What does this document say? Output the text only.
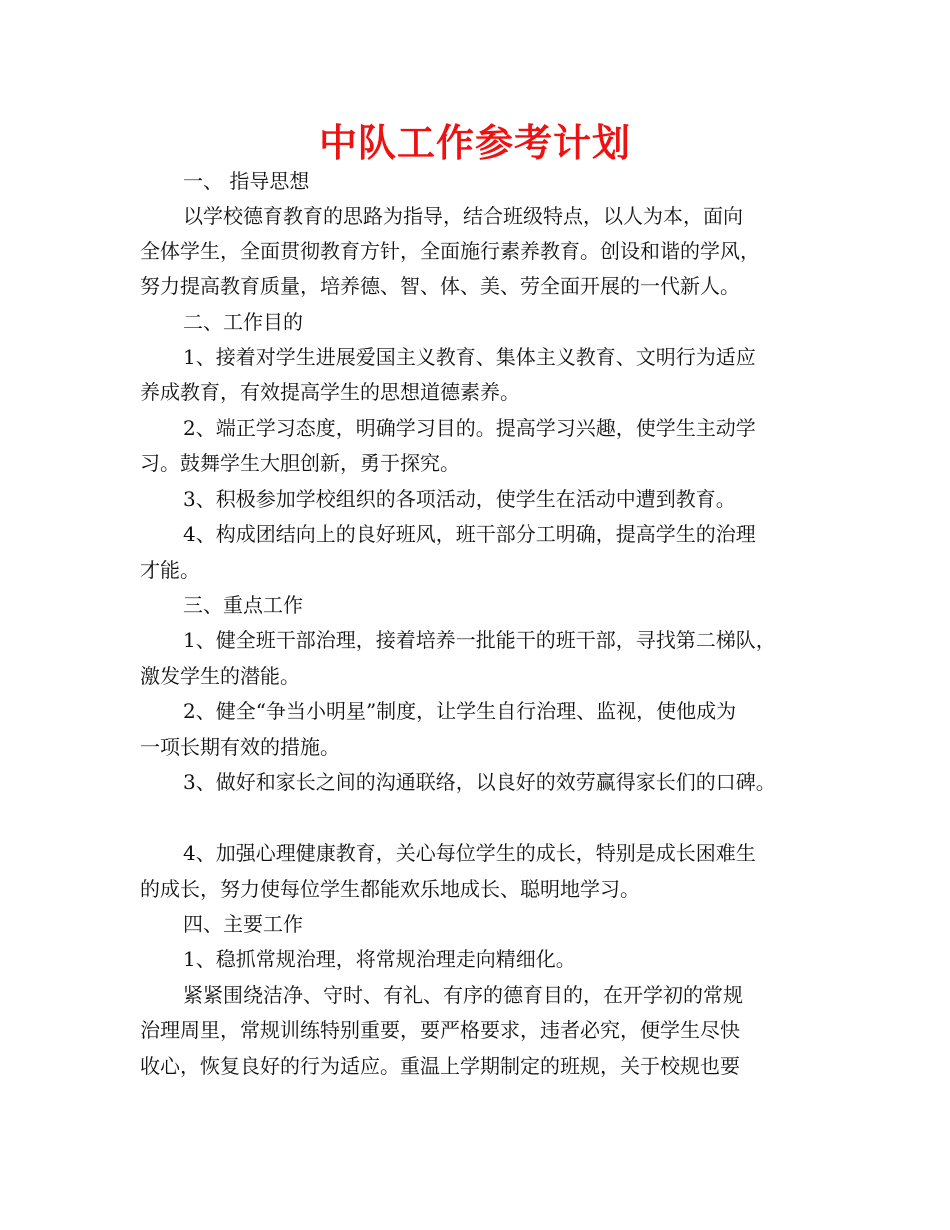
中队工作参考计划

一、 指导思想

以学校德育教育的思路为指导，结合班级特点，以人为本，面向

全体学生，全面贯彻教育方针，全面施行素养教育。创设和谐的学风，

努力提高教育质量，培养德、智、体、美、劳全面开展的一代新人。

二、工作目的

1、接着对学生进展爱国主义教育、集体主义教育、文明行为适应

养成教育，有效提高学生的思想道德素养。

2、端正学习态度，明确学习目的。提高学习兴趣，使学生主动学

习。鼓舞学生大胆创新，勇于探究。

3、积极参加学校组织的各项活动，使学生在活动中遭到教育。

4、构成团结向上的良好班风，班干部分工明确，提高学生的治理

才能。

三、重点工作

1、健全班干部治理，接着培养一批能干的班干部，寻找第二梯队，

激发学生的潜能。

2、健全“争当小明星”制度，让学生自行治理、监视，使他成为

一项长期有效的措施。

3、做好和家长之间的沟通联络，以良好的效劳赢得家长们的口碑。

4、加强心理健康教育，关心每位学生的成长，特别是成长困难生

的成长，努力使每位学生都能欢乐地成长、聪明地学习。

四、主要工作

1、稳抓常规治理，将常规治理走向精细化。

紧紧围绕洁净、守时、有礼、有序的德育目的，在开学初的常规

治理周里，常规训练特别重要，要严格要求，违者必究，便学生尽快

收心，恢复良好的行为适应。重温上学期制定的班规，关于校规也要
